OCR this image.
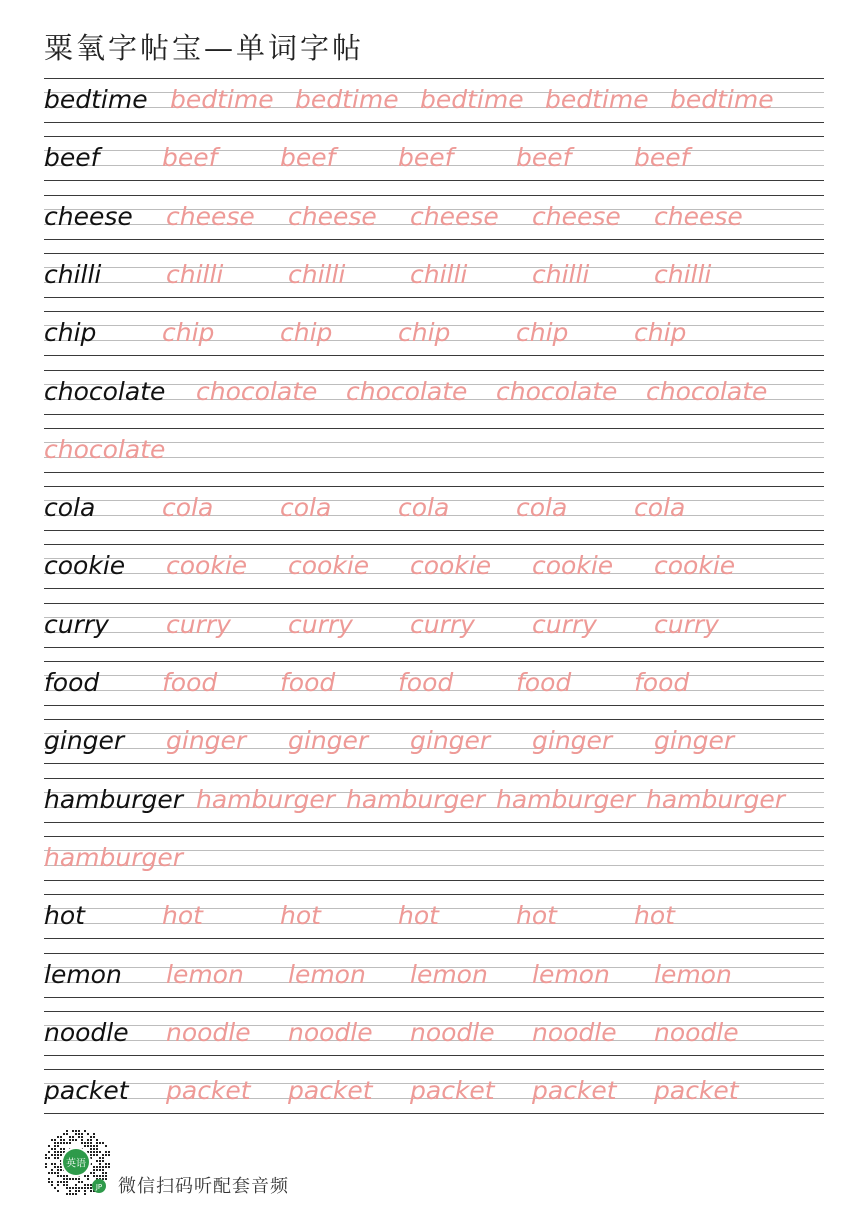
粟氧字帖宝—单词字帖
bedtime bedtime bedtime bedtime bedtime bedtime
beef	beef	beef	beef	beef	beef
cheese cheese cheese cheese cheese cheese
chilli	chilli	chilli	chilli	chilli	chilli
chip	chip	chip	chip	chip	chip
chocolate chocolate chocolate chocolate chocolate
chocolate
cola	cola	cola	cola	cola	cola
cookie cookie cookie cookie cookie cookie
curry curry curry curry curry curry
food	food	food	food	food	food
ginger ginger ginger ginger ginger ginger
hamburger hamburger hamburger hamburger hamburger
hamburger
hot	hot	hot	hot	hot	hot
lemon lemon lemon lemon lemon lemon
noodle noodle noodle noodle noodle noodle
packet packet packet packet packet packet
英语
JP 微信扫码听配套音频
